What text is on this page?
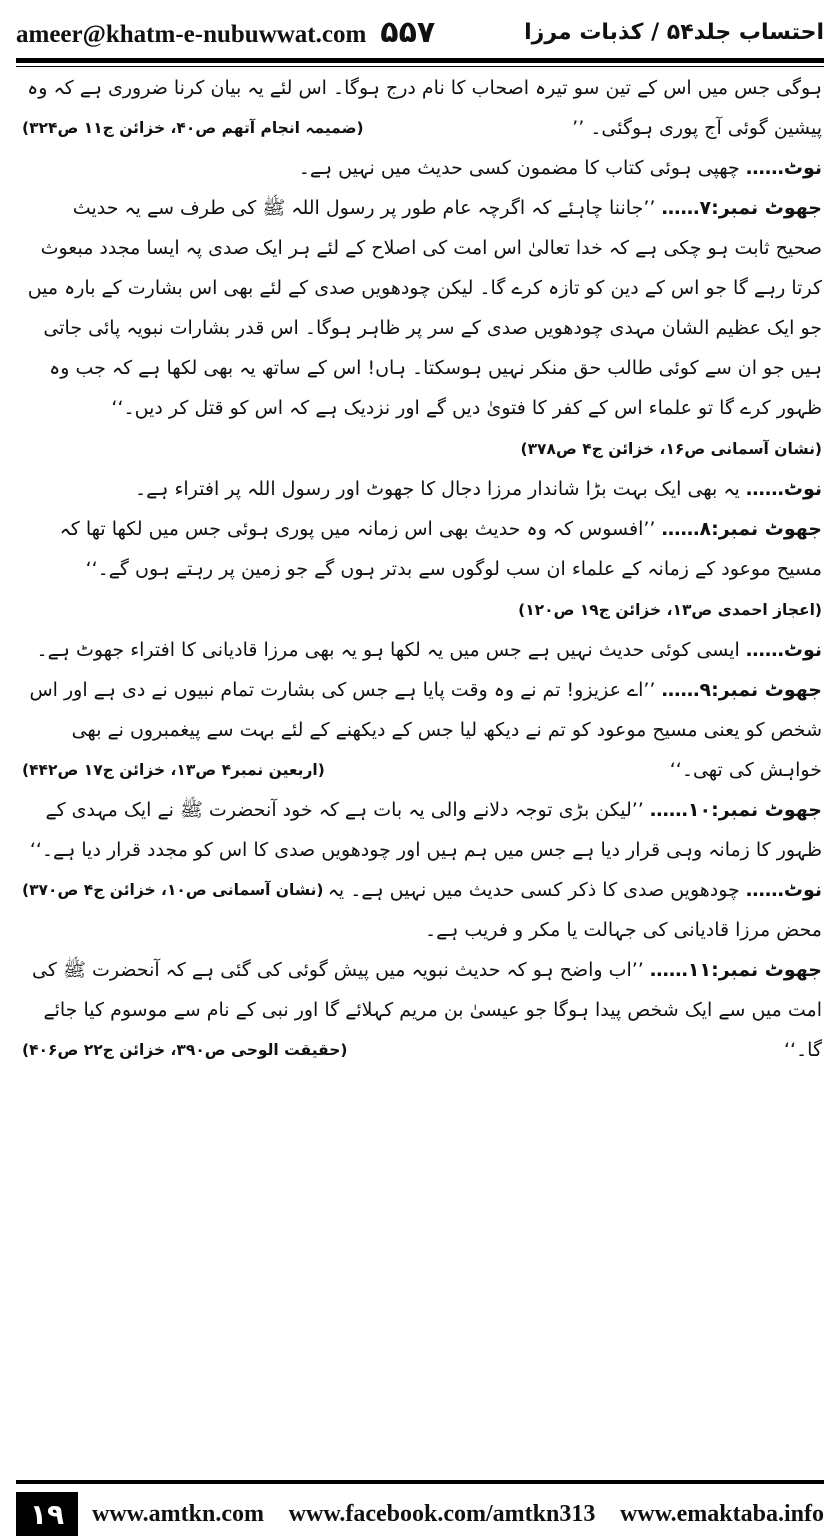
ameer@khatm-e-nubuwwat.com ۵۵۷	احتساب جلد۵۴ / کذبات مرزا

ہوگی جس میں اس کے تین سو تیرہ اصحاب کا نام درج ہوگا۔ اس لئے یہ بیان کرنا ضروری ہے کہ وہ پیشین گوئی آج پوری ہوگئی۔ ’’
(ضمیمہ انجام آتھم ص۴۰، خزائن ج۱۱ ص۳۲۴)

نوٹ…… چھپی ہوئی کتاب کا مضمون کسی حدیث میں نہیں ہے۔

جھوٹ نمبر:۷…… ’’جاننا چاہئے کہ اگرچہ عام طور پر رسول اللہ ﷺ کی طرف سے یہ حدیث صحیح ثابت ہو چکی ہے کہ خدا تعالیٰ اس امت کی اصلاح کے لئے ہر ایک صدی پہ ایسا مجدد مبعوث کرتا رہے گا جو اس کے دین کو تازہ کرے گا۔ لیکن چودھویں صدی کے لئے بھی اس بشارت کے بارہ میں جو ایک عظیم الشان مہدی چودھویں صدی کے سر پر ظاہر ہوگا۔ اس قدر بشارات نبویہ پائی جاتی ہیں جو ان سے کوئی طالب حق منکر نہیں ہوسکتا۔ ہاں! اس کے ساتھ یہ بھی لکھا ہے کہ جب وہ ظہور کرے گا تو علماء اس کے کفر کا فتویٰ دیں گے اور نزدیک ہے کہ اس کو قتل کر دیں۔‘‘

(نشان آسمانی ص۱۶، خزائن ج۴ ص۳۷۸)

نوٹ…… یہ بھی ایک بہت بڑا شاندار مرزا دجال کا جھوٹ اور رسول اللہ پر افتراء ہے۔

جھوٹ نمبر:۸…… ’’افسوس کہ وہ حدیث بھی اس زمانہ میں پوری ہوئی جس میں لکھا تھا کہ مسیح موعود کے زمانہ کے علماء ان سب لوگوں سے بدتر ہوں گے جو زمین پر رہتے ہوں گے۔‘‘

(اعجاز احمدی ص۱۳، خزائن ج۱۹ ص۱۲۰)

نوٹ…… ایسی کوئی حدیث نہیں ہے جس میں یہ لکھا ہو یہ بھی مرزا قادیانی کا افتراء جھوٹ ہے۔

جھوٹ نمبر:۹…… ’’اے عزیزو! تم نے وہ وقت پایا ہے جس کی بشارت تمام نبیوں نے دی ہے اور اس شخص کو یعنی مسیح موعود کو تم نے دیکھ لیا جس کے دیکھنے کے لئے بہت سے پیغمبروں نے بھی خواہش کی تھی۔‘‘
(اربعین نمبر۴ ص۱۳، خزائن ج۱۷ ص۴۴۲)

جھوٹ نمبر:۱۰…… ’’لیکن بڑی توجہ دلانے والی یہ بات ہے کہ خود آنحضرت ﷺ نے ایک مہدی کے ظہور کا زمانہ وہی قرار دیا ہے جس میں ہم ہیں اور چودھویں صدی کا اس کو مجدد قرار دیا ہے۔‘‘
(نشان آسمانی ص۱۰، خزائن ج۴ ص۳۷۰)	نوٹ…… چودھویں صدی کا ذکر کسی حدیث میں نہیں ہے۔ یہ محض مرزا قادیانی کی جہالت یا مکر و فریب ہے۔

جھوٹ نمبر:۱۱…… ’’اب واضح ہو کہ حدیث نبویہ میں پیش گوئی کی گئی ہے کہ آنحضرت ﷺ کی امت میں سے ایک شخص پیدا ہوگا جو عیسیٰ بن مریم کہلائے گا اور نبی کے نام سے موسوم کیا جائے گا۔‘‘
(حقیقت الوحی ص۳۹۰، خزائن ج۲۲ ص۴۰۶)

۱۹	www.amtkn.com www.facebook.com/amtkn313 www.emaktaba.info
